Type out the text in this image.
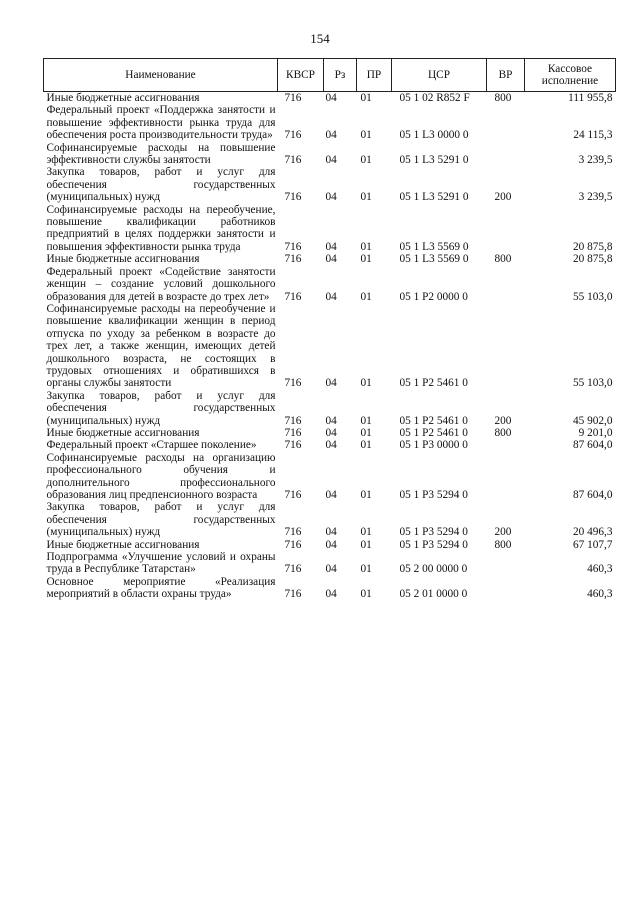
154
Наименование	КВСР	Рз	ПР	ЦСР	ВР	Кассовое исполнение
Иные бюджетные ассигнования	716	04	01	05 1 02 R852 F	800	111 955,8
Федеральный проект «Поддержка занятости и повышение эффективности рынка труда для обеспечения роста производительности труда»	716	04	01	05 1 L3 0000 0		24 115,3
Софинансируемые расходы на повышение эффективности службы занятости	716	04	01	05 1 L3 5291 0		3 239,5
Закупка товаров, работ и услуг для обеспечения государственных (муниципальных) нужд	716	04	01	05 1 L3 5291 0	200	3 239,5
Софинансируемые расходы на переобучение, повышение квалификации работников предприятий в целях поддержки занятости и повышения эффективности рынка труда	716	04	01	05 1 L3 5569 0		20 875,8
Иные бюджетные ассигнования	716	04	01	05 1 L3 5569 0	800	20 875,8
Федеральный проект «Содействие занятости женщин – создание условий дошкольного образования для детей в возрасте до трех лет»	716	04	01	05 1 P2 0000 0		55 103,0
Софинансируемые расходы на переобучение и повышение квалификации женщин в период отпуска по уходу за ребенком в возрасте до трех лет, а также женщин, имеющих детей дошкольного возраста, не состоящих в трудовых отношениях и обратившихся в органы службы занятости	716	04	01	05 1 P2 5461 0		55 103,0
Закупка товаров, работ и услуг для обеспечения государственных (муниципальных) нужд	716	04	01	05 1 P2 5461 0	200	45 902,0
Иные бюджетные ассигнования	716	04	01	05 1 P2 5461 0	800	9 201,0
Федеральный проект «Старшее поколение»	716	04	01	05 1 P3 0000 0		87 604,0
Софинансируемые расходы на организацию профессионального обучения и дополнительного профессионального образования лиц предпенсионного возраста	716	04	01	05 1 P3 5294 0		87 604,0
Закупка товаров, работ и услуг для обеспечения государственных (муниципальных) нужд	716	04	01	05 1 P3 5294 0	200	20 496,3
Иные бюджетные ассигнования	716	04	01	05 1 P3 5294 0	800	67 107,7
Подпрограмма «Улучшение условий и охраны труда в Республике Татарстан»	716	04	01	05 2 00 0000 0		460,3
Основное мероприятие «Реализация мероприятий в области охраны труда»	716	04	01	05 2 01 0000 0		460,3
